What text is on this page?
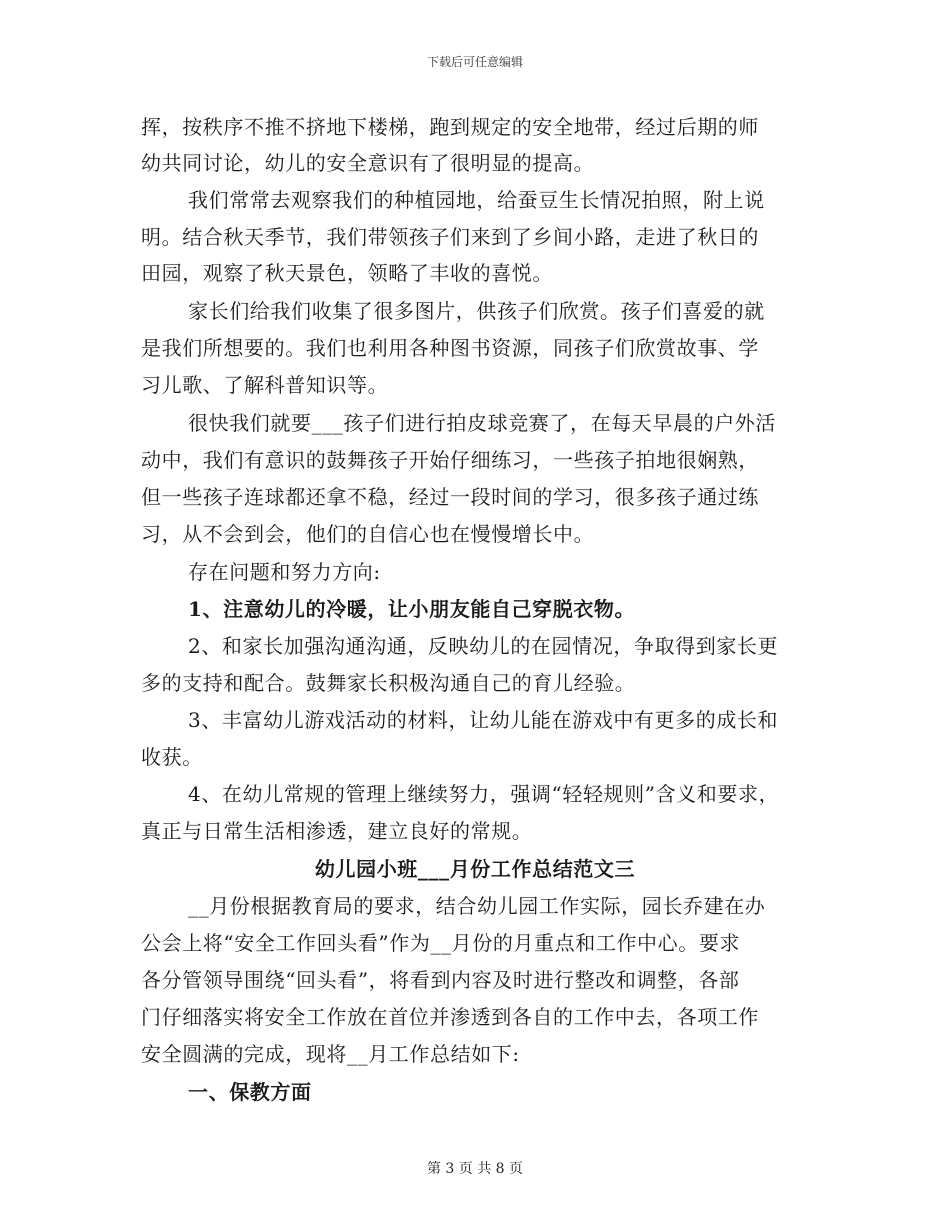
下载后可任意编辑
挥，按秩序不推不挤地下楼梯，跑到规定的安全地带，经过后期的师
幼共同讨论，幼儿的安全意识有了很明显的提高。
我们常常去观察我们的种植园地，给蚕豆生长情况拍照，附上说
明。结合秋天季节，我们带领孩子们来到了乡间小路，走进了秋日的
田园，观察了秋天景色，领略了丰收的喜悦。
家长们给我们收集了很多图片，供孩子们欣赏。孩子们喜爱的就
是我们所想要的。我们也利用各种图书资源，同孩子们欣赏故事、学
习儿歌、了解科普知识等。
很快我们就要___孩子们进行拍皮球竞赛了，在每天早晨的户外活
动中，我们有意识的鼓舞孩子开始仔细练习，一些孩子拍地很娴熟，
但一些孩子连球都还拿不稳，经过一段时间的学习，很多孩子通过练
习，从不会到会，他们的自信心也在慢慢增长中。
存在问题和努力方向:
1、注意幼儿的冷暖，让小朋友能自己穿脱衣物。
2、和家长加强沟通沟通，反映幼儿的在园情况，争取得到家长更
多的支持和配合。鼓舞家长积极沟通自己的育儿经验。
3、丰富幼儿游戏活动的材料，让幼儿能在游戏中有更多的成长和
收获。
4、在幼儿常规的管理上继续努力，强调“轻轻规则”含义和要求，
真正与日常生活相渗透，建立良好的常规。
幼儿园小班___月份工作总结范文三
__月份根据教育局的要求，结合幼儿园工作实际，园长乔建在办
公会上将“安全工作回头看”作为__月份的月重点和工作中心。要求
各分管领导围绕“回头看”，将看到内容及时进行整改和调整，各部
门仔细落实将安全工作放在首位并渗透到各自的工作中去，各项工作
安全圆满的完成，现将__月工作总结如下:
一、保教方面
第 3 页 共 8 页
